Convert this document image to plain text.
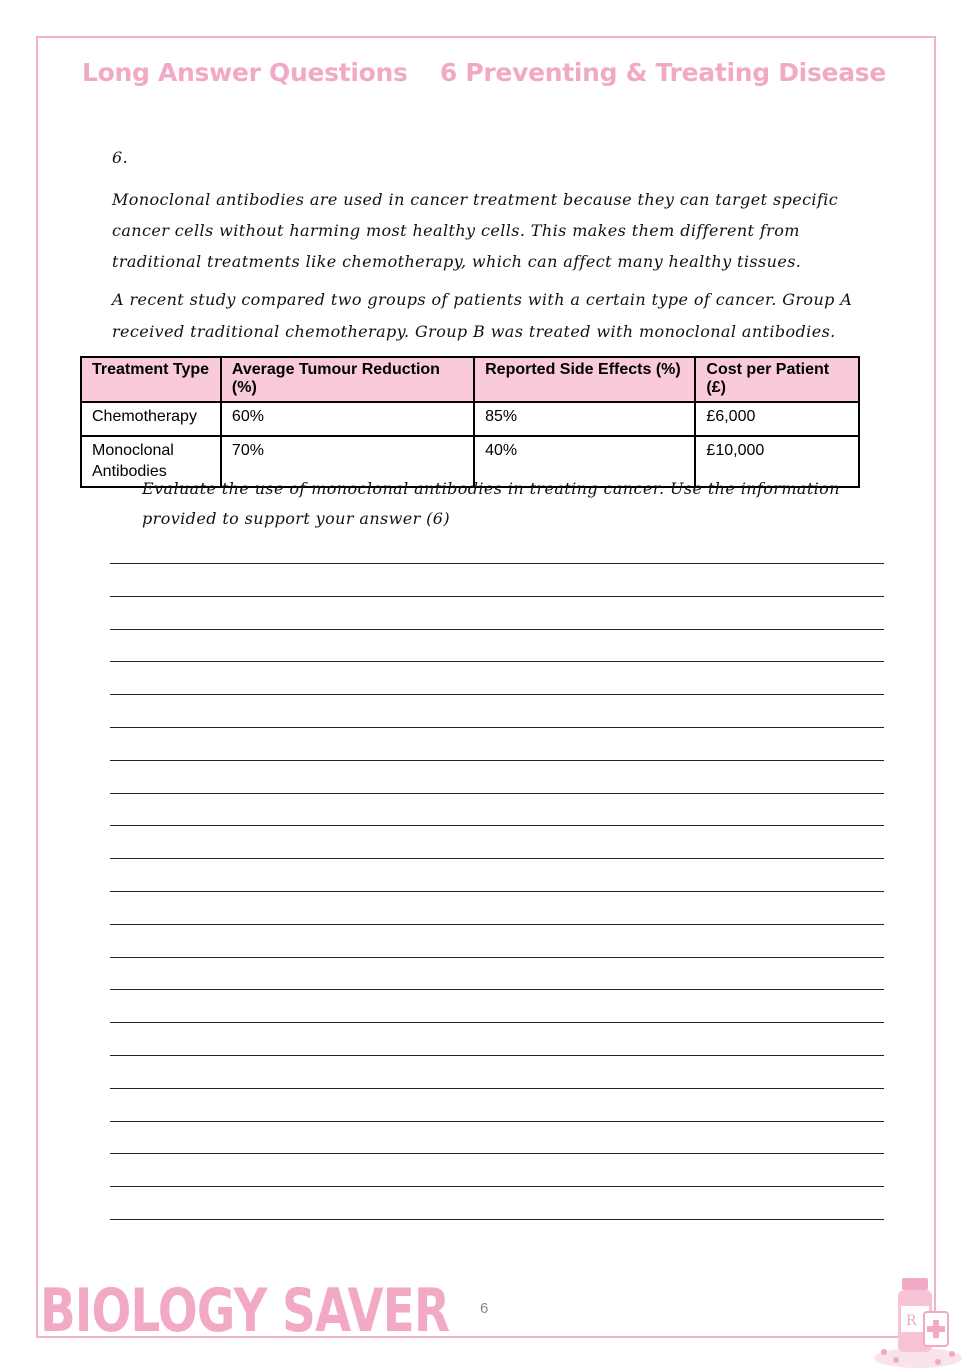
Long Answer Questions 6 Preventing & Treating Disease
6.
Monoclonal antibodies are used in cancer treatment because they can target specific cancer cells without harming most healthy cells. This makes them different from traditional treatments like chemotherapy, which can affect many healthy tissues.
A recent study compared two groups of patients with a certain type of cancer. Group A received traditional chemotherapy. Group B was treated with monoclonal antibodies.
Treatment Type	Average Tumour Reduction (%)	Reported Side Effects (%)	Cost per Patient (£)
Chemotherapy	60%	85%	£6,000
Monoclonal Antibodies	70%	40%	£10,000
Evaluate the use of monoclonal antibodies in treating cancer. Use the information provided to support your answer (6)
BIOLOGY SAVER 6
R
